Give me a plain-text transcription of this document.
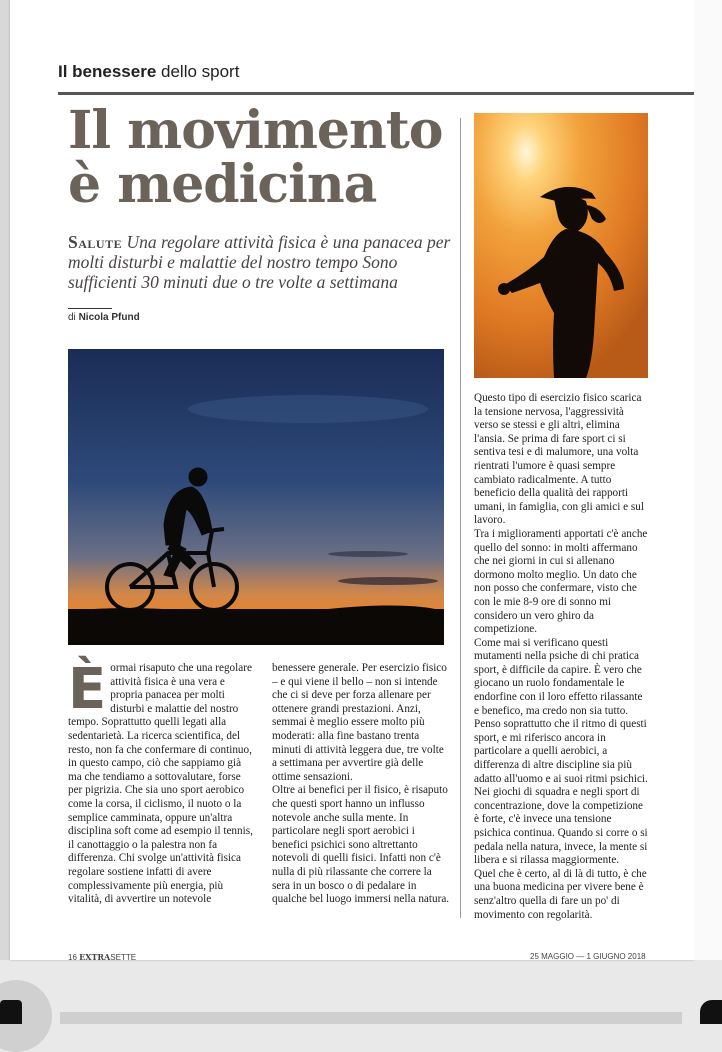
Il benessere dello sport
Il movimento
è medicina
Salute Una regolare attività fisica è una panacea per molti disturbi e malattie del nostro tempo Sono sufficienti 30 minuti due o tre volte a settimana
di Nicola Pfund

Èormai risaputo che una regolare attività fisica è una vera e propria panacea per molti disturbi e malattie del nostro tempo. Soprattutto quelli legati alla sedentarietà. La ricerca scientifica, del resto, non fa che confermare di continuo, in questo campo, ciò che sappiamo già ma che tendiamo a sottovalutare, forse per pigrizia. Che sia uno sport aerobico come la corsa, il ciclismo, il nuoto o la semplice camminata, oppure un'altra disciplina soft come ad esempio il tennis, il canottaggio o la palestra non fa differenza. Chi svolge un'attività fisica regolare sostiene infatti di avere complessivamente più energia, più vitalità, di avvertire un notevole

benessere generale. Per esercizio fisico – e qui viene il bello – non si intende che ci si deve per forza allenare per ottenere grandi prestazioni. Anzi, semmai è meglio essere molto più moderati: alla fine bastano trenta minuti di attività leggera due, tre volte a settimana per avvertire già delle ottime sensazioni.

Oltre ai benefici per il fisico, è risaputo che questi sport hanno un influsso notevole anche sulla mente. In particolare negli sport aerobici i benefici psichici sono altrettanto notevoli di quelli fisici. Infatti non c'è nulla di più rilassante che correre la sera in un bosco o di pedalare in qualche bel luogo immersi nella natura.

Questo tipo di esercizio fisico scarica la tensione nervosa, l'aggressività verso se stessi e gli altri, elimina l'ansia. Se prima di fare sport ci si sentiva tesi e di malumore, una volta rientrati l'umore è quasi sempre cambiato radicalmente. A tutto beneficio della qualità dei rapporti umani, in famiglia, con gli amici e sul lavoro.

Tra i miglioramenti apportati c'è anche quello del sonno: in molti affermano che nei giorni in cui si allenano dormono molto meglio. Un dato che non posso che confermare, visto che con le mie 8-9 ore di sonno mi considero un vero ghiro da competizione.

Come mai si verificano questi mutamenti nella psiche di chi pratica sport, è difficile da capire. È vero che giocano un ruolo fondamentale le endorfine con il loro effetto rilassante e benefico, ma credo non sia tutto. Penso soprattutto che il ritmo di questi sport, e mi riferisco ancora in particolare a quelli aerobici, a differenza di altre discipline sia più adatto all'uomo e ai suoi ritmi psichici. Nei giochi di squadra e negli sport di concentrazione, dove la competizione è forte, c'è invece una tensione psichica continua. Quando si corre o si pedala nella natura, invece, la mente si libera e si rilassa maggiormente.

Quel che è certo, al di là di tutto, è che una buona medicina per vivere bene è senz'altro quella di fare un po' di movimento con regolarità.

16 EXTRASETTE	25 MAGGIO — 1 GIUGNO 2018
